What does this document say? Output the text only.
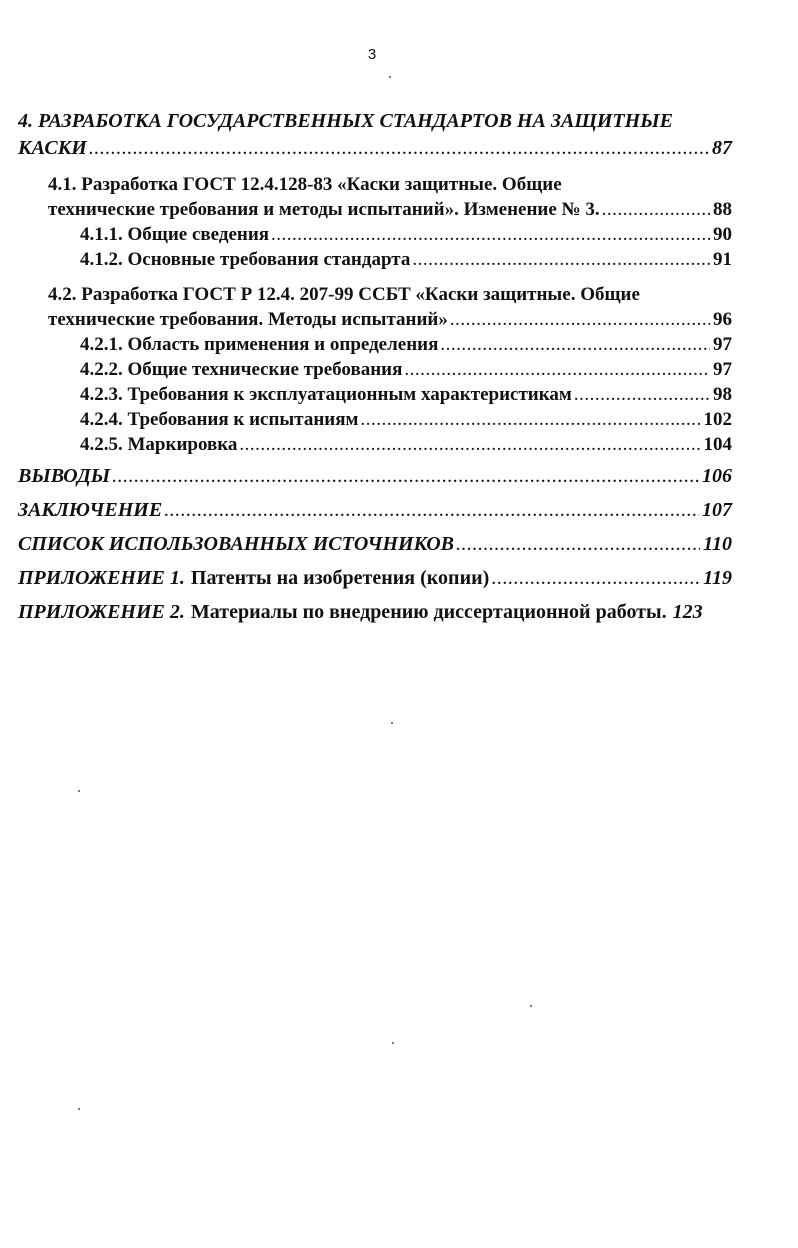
3
4. РАЗРАБОТКА ГОСУДАРСТВЕННЫХ СТАНДАРТОВ НА ЗАЩИТНЫЕ
КАСКИ .....	87
4.1. Разработка ГОСТ 12.4.128-83 «Каски защитные. Общие
технические требования и методы испытаний». Изменение № 3. .....	88
4.1.1. Общие сведения .....	90
4.1.2. Основные требования стандарта .....	91
4.2. Разработка ГОСТ Р 12.4. 207-99 ССБТ «Каски защитные. Общие
технические требования. Методы испытаний» .....	96
4.2.1. Область применения и определения .....	97
4.2.2. Общие технические требования .....	97
4.2.3. Требования к эксплуатационным характеристикам .....	98
4.2.4. Требования к испытаниям .....	102
4.2.5. Маркировка .....	104
ВЫВОДЫ .....	106
ЗАКЛЮЧЕНИЕ .....	107
СПИСОК ИСПОЛЬЗОВАННЫХ ИСТОЧНИКОВ .....	110
ПРИЛОЖЕНИЕ 1. Патенты на изобретения (копии) .....	119
ПРИЛОЖЕНИЕ 2. Материалы по внедрению диссертационной работы. 123
